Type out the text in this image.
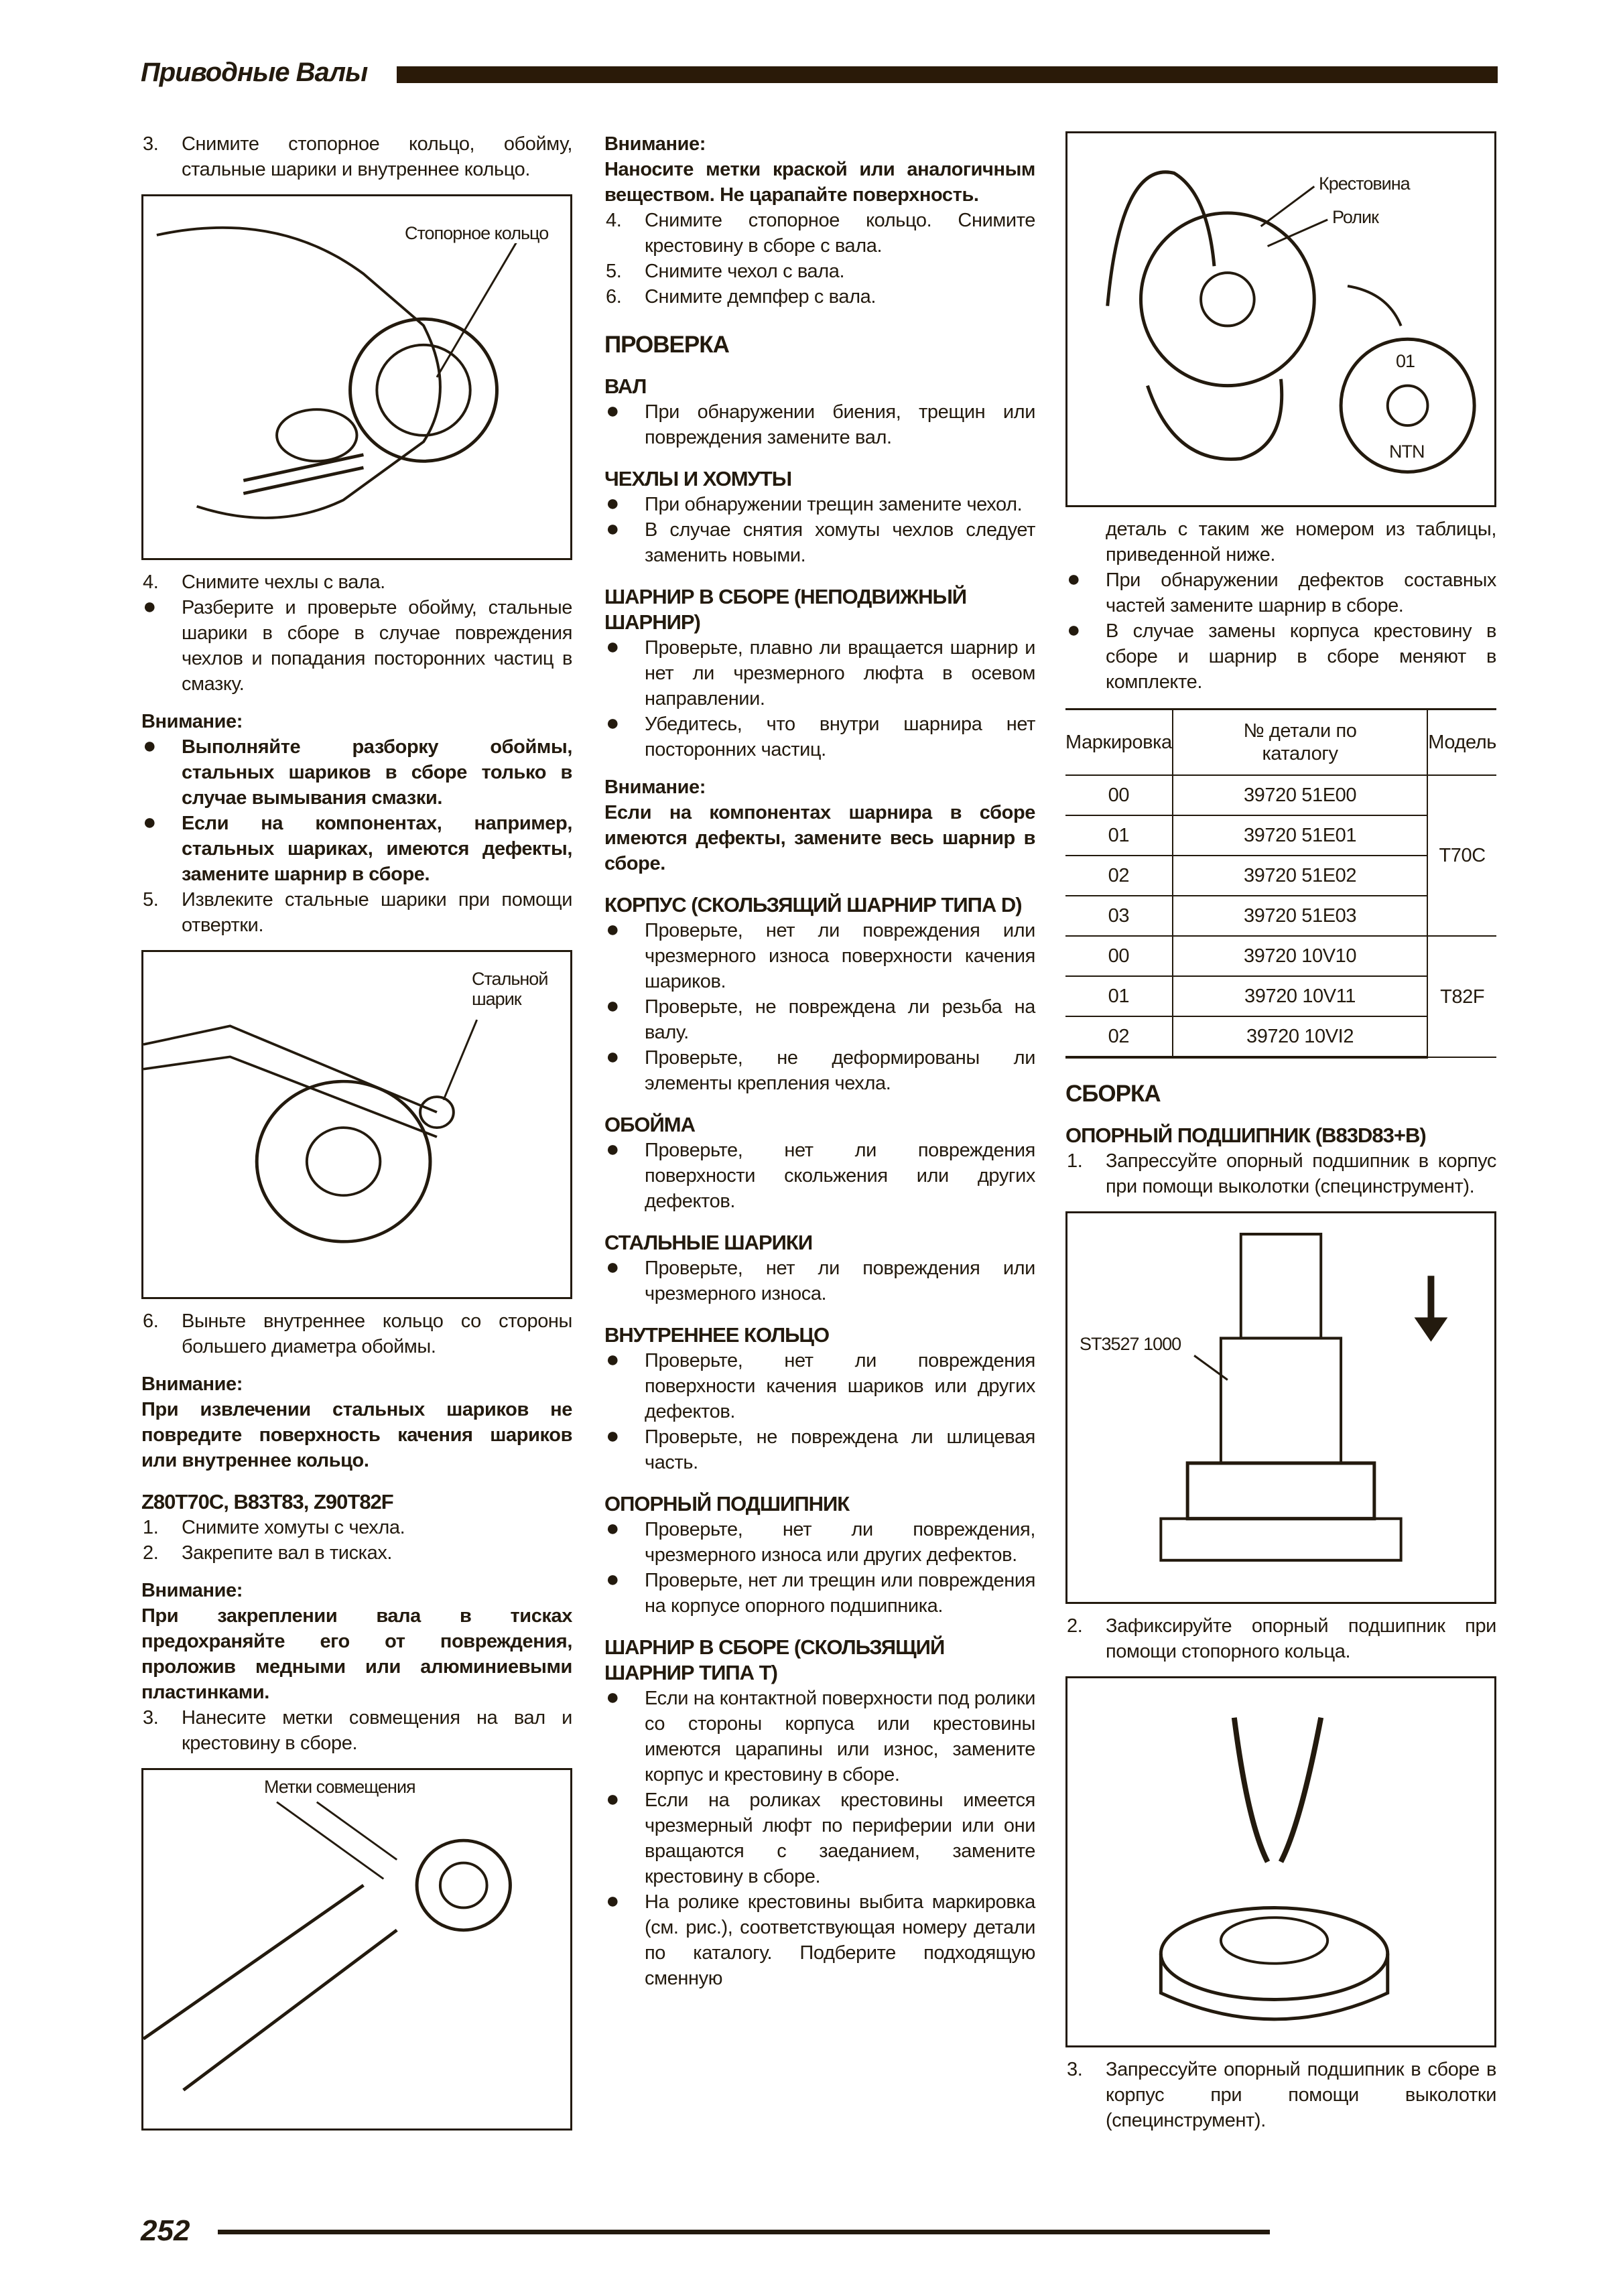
Приводные Валы
3. Снимите стопорное кольцо, обойму, стальные шарики и внутреннее кольцо.
Стопорное кольцо
4. Снимите чехлы с вала.
● Разберите и проверьте обойму, стальные шарики в сборе в случае повреждения чехлов и попадания посторонних частиц в смазку.
Внимание:
● Выполняйте разборку обоймы, стальных шариков в сборе только в случае вымывания смазки.
● Если на компонентах, например, стальных шариках, имеются дефекты, замените шарнир в сборе.
5. Извлеките стальные шарики при помощи отвертки.
Стальной шарик
6. Выньте внутреннее кольцо со стороны большего диаметра обоймы.
Внимание:
При извлечении стальных шариков не повредите поверхность качения шариков или внутреннее кольцо.
Z80T70C, B83T83, Z90T82F
1. Снимите хомуты с чехла.
2. Закрепите вал в тисках.
Внимание:
При закреплении вала в тисках предохраняйте его от повреждения, проложив медными или алюминиевыми пластинками.
3. Нанесите метки совмещения на вал и крестовину в сборе.
Метки совмещения
Внимание:
Наносите метки краской или аналогичным веществом. Не царапайте поверхность.
4. Снимите стопорное кольцо. Снимите крестовину в сборе с вала.
5. Снимите чехол с вала.
6. Снимите демпфер с вала.
ПРОВЕРКА
ВАЛ
● При обнаружении биения, трещин или повреждения замените вал.
ЧЕХЛЫ И ХОМУТЫ
● При обнаружении трещин замените чехол.
● В случае снятия хомуты чехлов следует заменить новыми.
ШАРНИР В СБОРЕ (НЕПОДВИЖНЫЙ ШАРНИР)
● Проверьте, плавно ли вращается шарнир и нет ли чрезмерного люфта в осевом направлении.
● Убедитесь, что внутри шарнира нет посторонних частиц.
Внимание:
Если на компонентах шарнира в сборе имеются дефекты, замените весь шарнир в сборе.
КОРПУС (СКОЛЬЗЯЩИЙ ШАРНИР ТИПА D)
● Проверьте, нет ли повреждения или чрезмерного износа поверхности качения шариков.
● Проверьте, не повреждена ли резьба на валу.
● Проверьте, не деформированы ли элементы крепления чехла.
ОБОЙМА
● Проверьте, нет ли повреждения поверхности скольжения или других дефектов.
СТАЛЬНЫЕ ШАРИКИ
● Проверьте, нет ли повреждения или чрезмерного износа.
ВНУТРЕННЕЕ КОЛЬЦО
● Проверьте, нет ли повреждения поверхности качения шариков или других дефектов.
● Проверьте, не повреждена ли шлицевая часть.
ОПОРНЫЙ ПОДШИПНИК
● Проверьте, нет ли повреждения, чрезмерного износа или других дефектов.
● Проверьте, нет ли трещин или повреждения на корпусе опорного подшипника.
ШАРНИР В СБОРЕ (СКОЛЬЗЯЩИЙ ШАРНИР ТИПА Т)
● Если на контактной поверхности под ролики со стороны корпуса или крестовины имеются царапины или износ, замените корпус и крестовину в сборе.
● Если на роликах крестовины имеется чрезмерный люфт по периферии или они вращаются с заеданием, замените крестовину в сборе.
● На ролике крестовины выбита маркировка (см. рис.), соответствующая номеру детали по каталогу. Подберите подходящую сменную
Крестовина
Ролик
01
NTN
деталь с таким же номером из таблицы, приведенной ниже.
● При обнаружении дефектов составных частей замените шарнир в сборе.
● В случае замены корпуса крестовину в сборе и шарнир в сборе меняют в комплекте.
Маркировка	№ детали по каталогу	Модель
00	39720 51E00	T70C
01	39720 51E01	
02	39720 51E02	
03	39720 51E03	
00	39720 10V10	T82F
01	39720 10V11	
02	39720 10VI2	
СБОРКА
ОПОРНЫЙ ПОДШИПНИК (B83D83+B)
1. Запрессуйте опорный подшипник в корпус при помощи выколотки (специнструмент).
ST3527 1000
2. Зафиксируйте опорный подшипник при помощи стопорного кольца.
3. Запрессуйте опорный подшипник в сборе в корпус при помощи выколотки (специнструмент).
252
